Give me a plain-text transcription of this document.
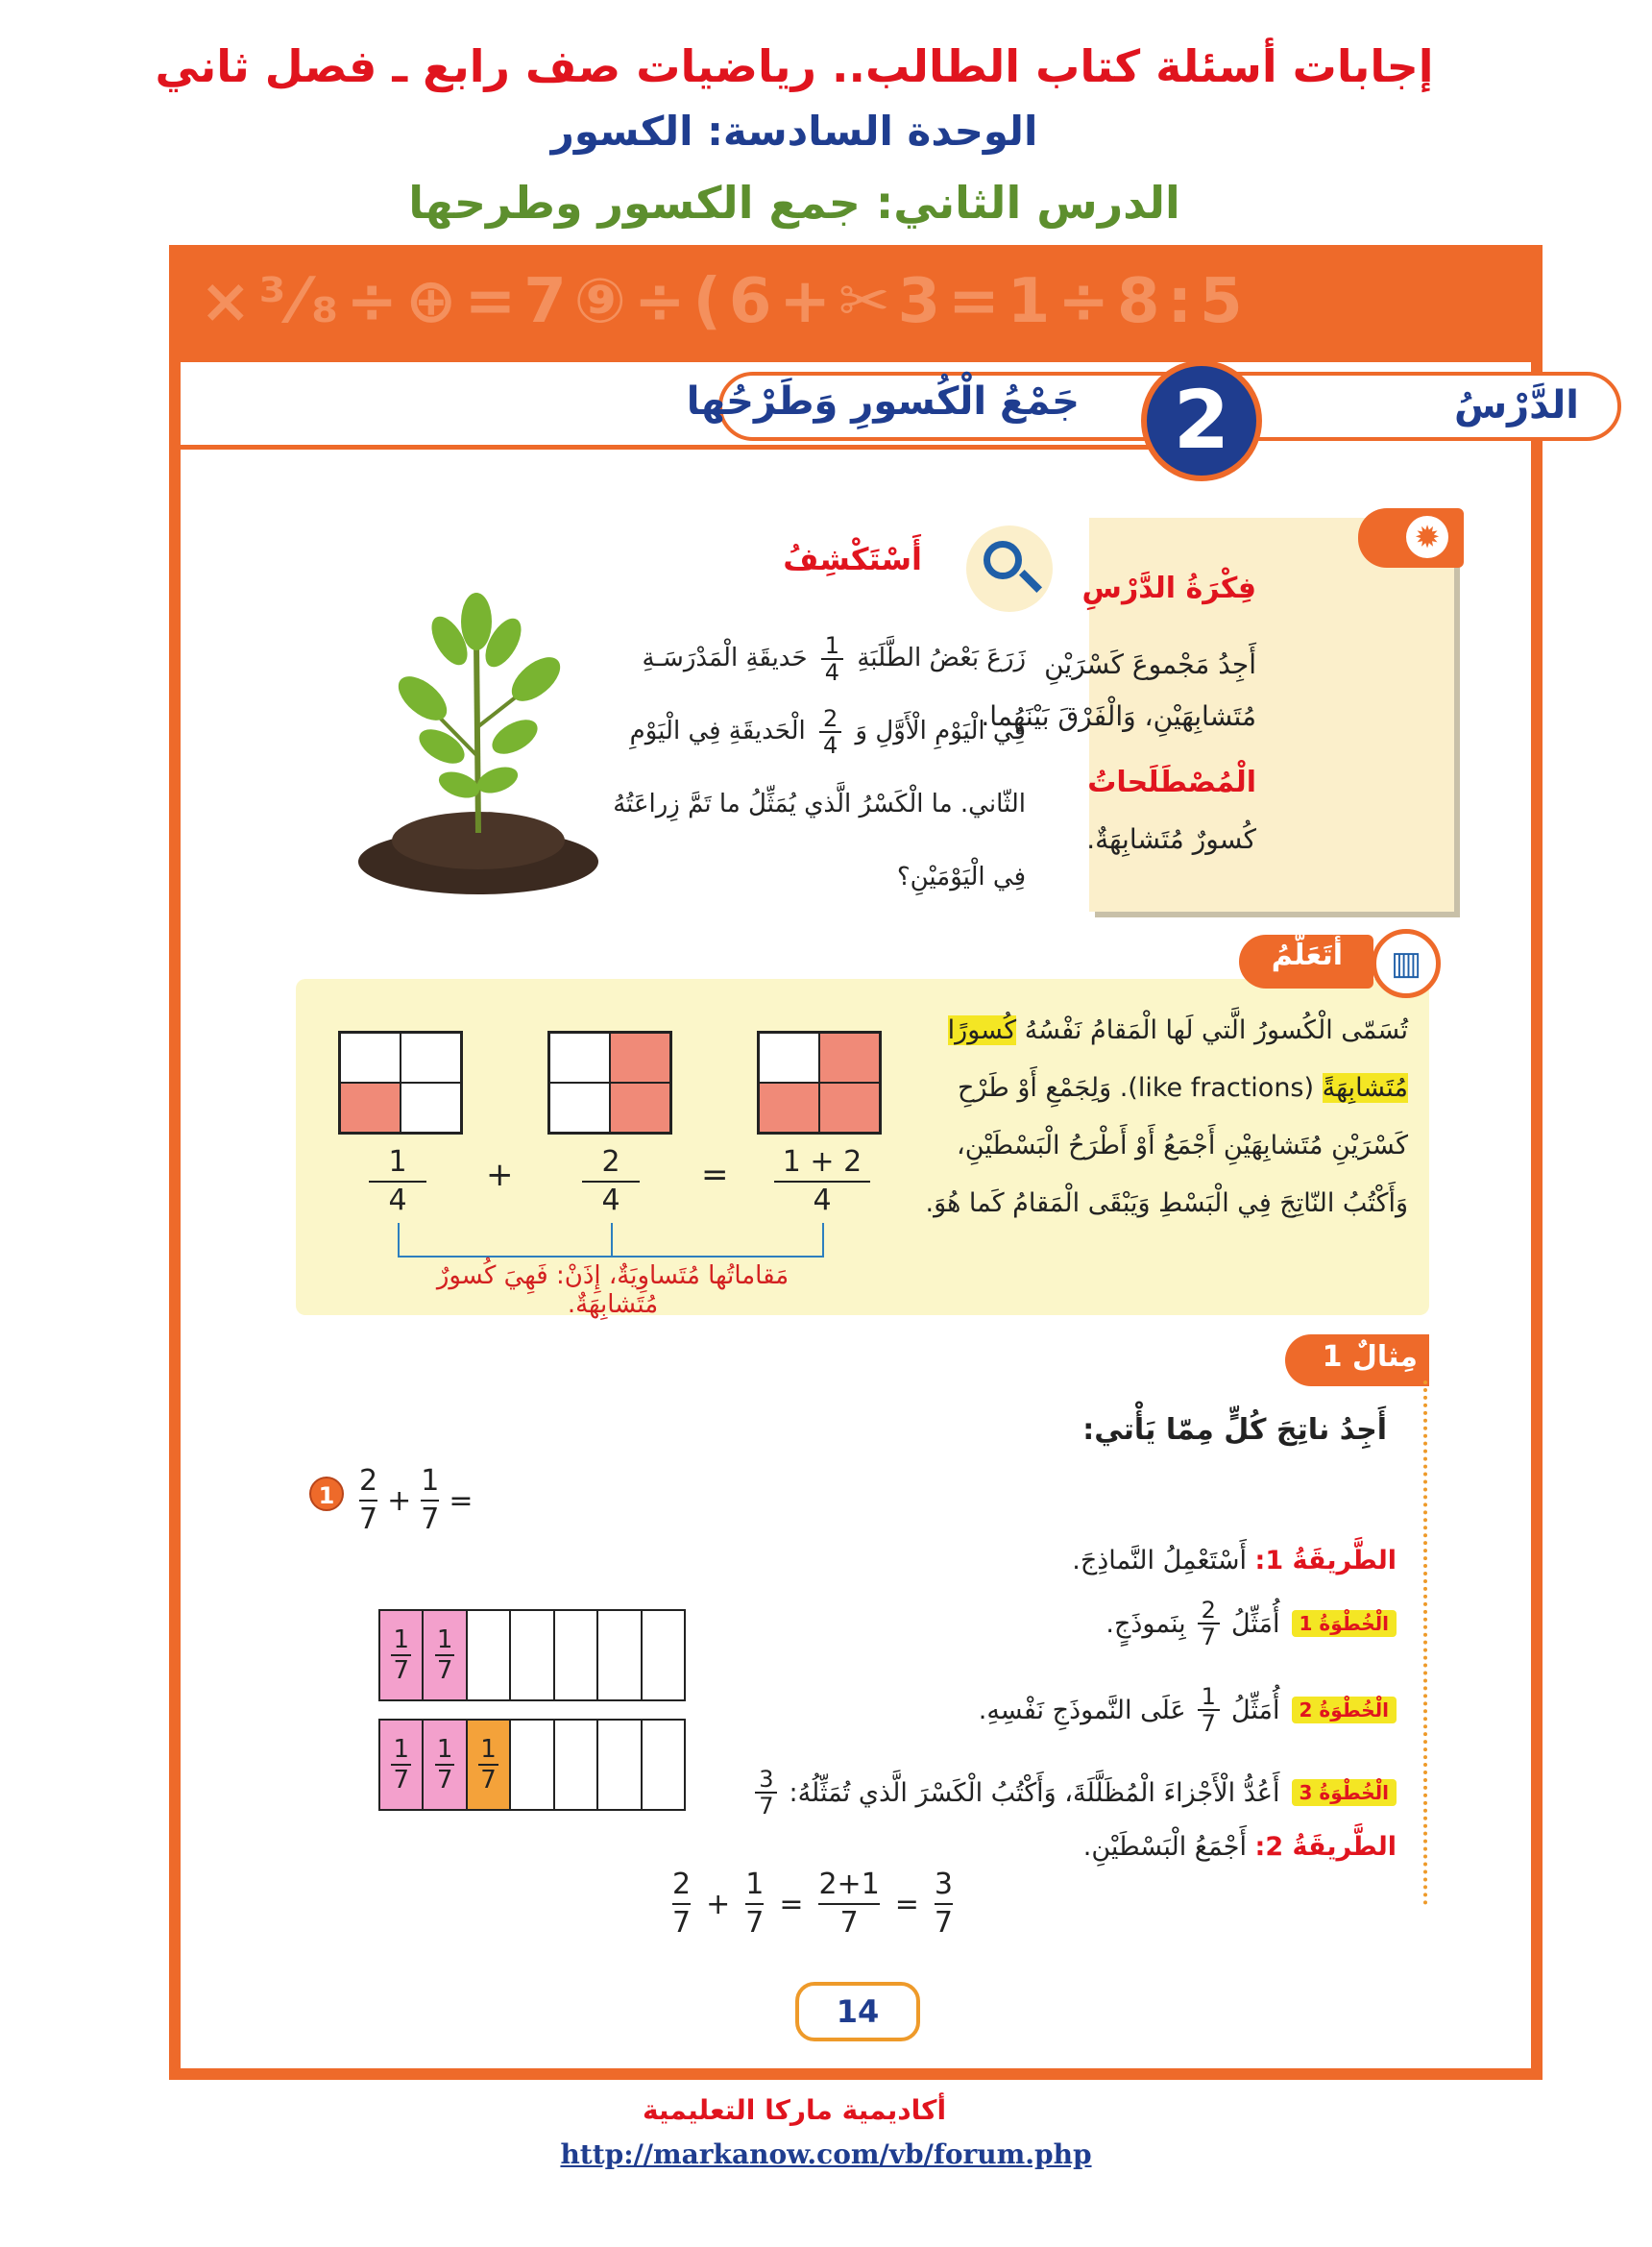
إجابات أسئلة كتاب الطالب.. رياضيات صف رابع ـ فصل ثاني
الوحدة السادسة: الكسور
الدرس الثاني: جمع الكسور وطرحها
×³⁄₈÷⊕=7⑨÷(6+✂3=1÷8:5
الدَّرْسُ
2
جَمْعُ الْكُسورِ وَطَرْحُها
✹
فِكْرَةُ الدَّرْسِ
أَجِدُ مَجْموعَ كَسْرَيْنِ مُتَشابِهَيْنِ، وَالْفَرْقَ بَيْنَهُما.
الْمُصْطَلَحاتُ
كُسورٌ مُتَشابِهَةٌ.
أَسْتَكْشِفُ
زَرَعَ بَعْضُ الطَّلَبَةِ
$\frac{1}{4}$
حَديقَةِ الْمَدْرَسَـةِ
فِي الْيَوْمِ الْأَوَّلِ وَ
$\frac{2}{4}$
الْحَديقَةِ فِي الْيَوْمِ
الثّاني. ما الْكَسْرُ الَّذي يُمَثِّلُ ما تَمَّ زِراعَتُهُ
فِي الْيَوْمَيْنِ؟
أَتَعَلَّمُ	▥
تُسَمّى الْكُسورُ الَّتي لَها الْمَقامُ نَفْسُهُ كُسورًا مُتَشابِهَةً (like fractions). وَلِجَمْعِ أَوْ طَرْحِ كَسْرَيْنِ مُتَشابِهَيْنِ أَجْمَعُ أَوْ أَطْرَحُ الْبَسْطَيْنِ، وَأَكْتُبُ النّاتِجَ فِي الْبَسْطِ وَيَبْقَى الْمَقامُ كَما هُوَ.
$\frac{1}{4} + \frac{2}{4} = \frac{1 + 2}{4}$
مَقاماتُها مُتَساوِيَةٌ، إِذَنْ: فَهِيَ كُسورٌ مُتَشابِهَةٌ.
مِثالٌ 1
أَجِدُ ناتِجَ كُلٍّ مِمّا يَأْتي:
$1 \frac{2}{7} + \frac{1}{7}$ =
الطَّريقَةُ 1: أَسْتَعْمِلُ النَّماذِجَ.
الْخُطْوَةُ 1
أُمَثِّلُ
$\frac{2}{7}$
بِنَموذَجٍ.
الْخُطْوَةُ 2
أُمَثِّلُ
$\frac{1}{7}$
عَلَى النَّموذَجِ نَفْسِهِ.
الْخُطْوَةُ 3
أَعُدُّ الْأَجْزاءَ الْمُظَلَّلَةَ، وَأَكْتُبُ الْكَسْرَ الَّذي تُمَثِّلُهُ:
$\frac{3}{7}$
الطَّريقَةُ 2: أَجْمَعُ الْبَسْطَيْنِ.
$\frac{1}{7} \frac{1}{7}$
$\frac{1}{7} \frac{1}{7} \frac{1}{7}$
$\frac{2}{7} + \frac{1}{7} = \frac{2+1}{7} = \frac{3}{7}$
14
أكاديمية ماركا التعليمية
http://markanow.com/vb/forum.php
